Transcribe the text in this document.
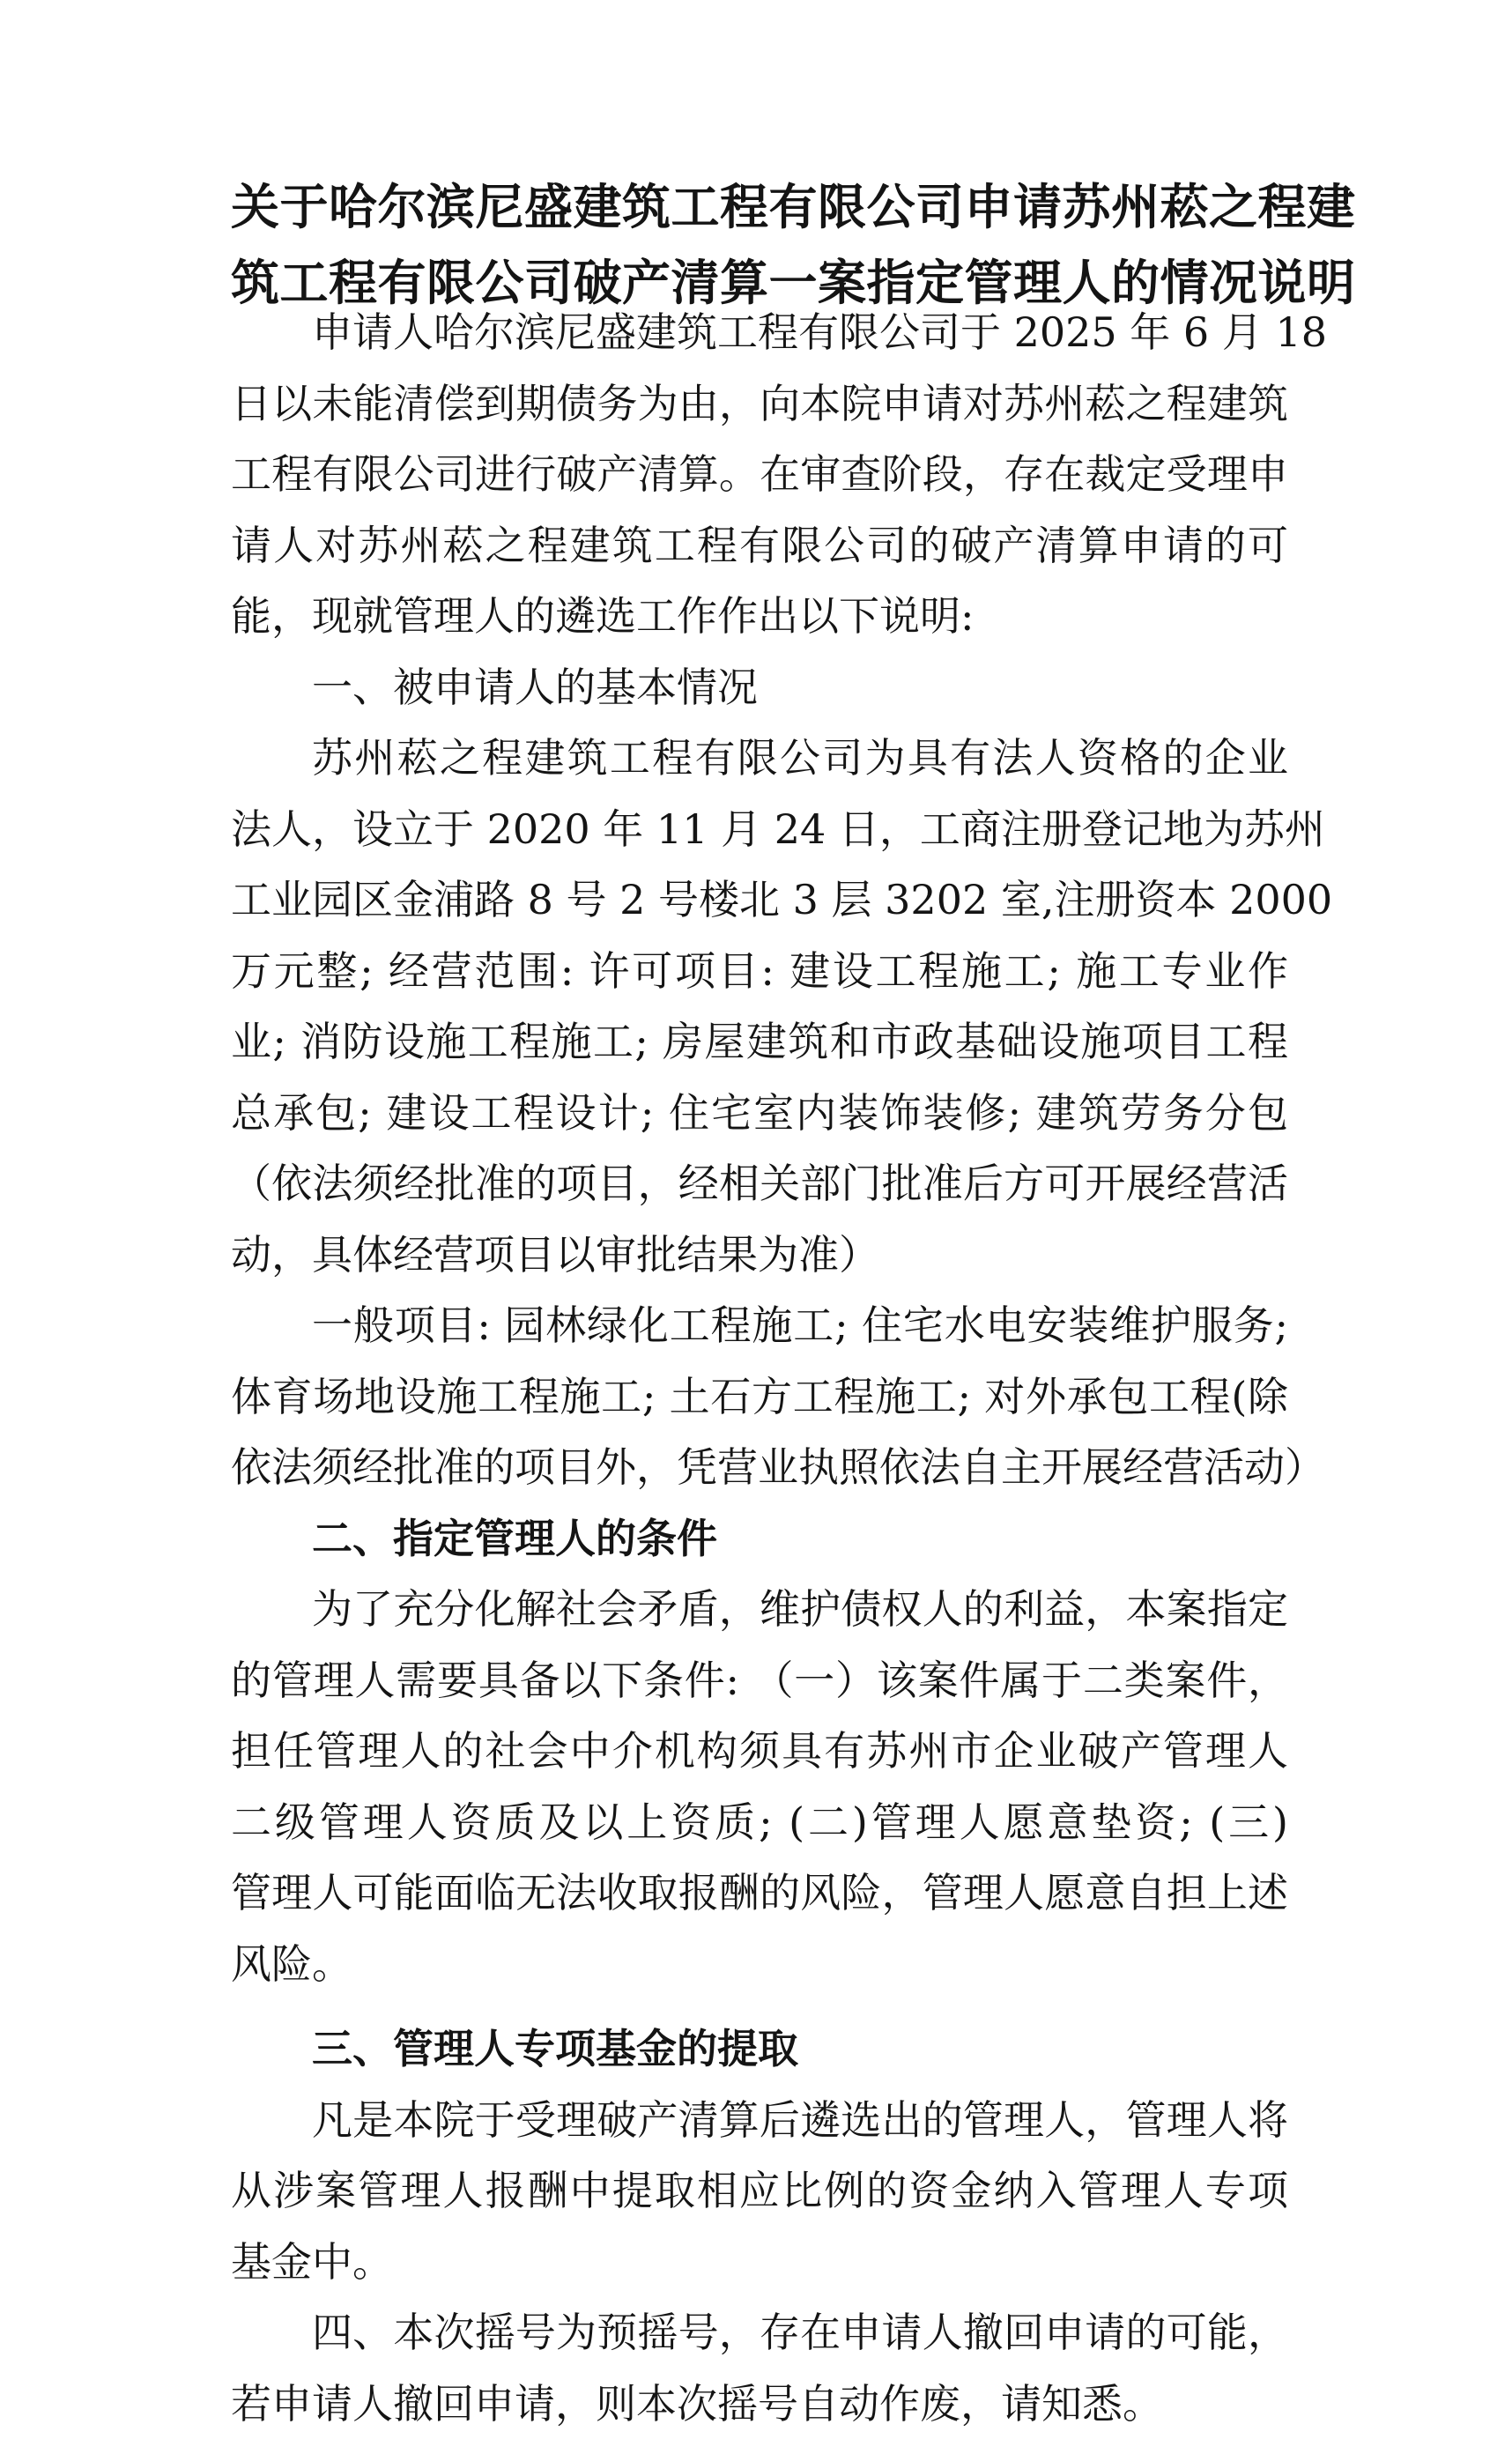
关于哈尔滨尼盛建筑工程有限公司申请苏州菘之程建
筑工程有限公司破产清算一案指定管理人的情况说明
申请人哈尔滨尼盛建筑工程有限公司于 2025 年 6 月 18
日以未能清偿到期债务为由，向本院申请对苏州菘之程建筑
工程有限公司进行破产清算。在审查阶段，存在裁定受理申
请人对苏州菘之程建筑工程有限公司的破产清算申请的可
能，现就管理人的遴选工作作出以下说明:
一、被申请人的基本情况
苏州菘之程建筑工程有限公司为具有法人资格的企业
法人，设立于 2020 年 11 月 24 日，工商注册登记地为苏州
工业园区金浦路 8 号 2 号楼北 3 层 3202 室,注册资本 2000
万元整; 经营范围: 许可项目: 建设工程施工; 施工专业作
业; 消防设施工程施工; 房屋建筑和市政基础设施项目工程
总承包; 建设工程设计; 住宅室内装饰装修; 建筑劳务分包
（依法须经批准的项目，经相关部门批准后方可开展经营活
动，具体经营项目以审批结果为准）
一般项目: 园林绿化工程施工; 住宅水电安装维护服务;
体育场地设施工程施工; 土石方工程施工; 对外承包工程(除
依法须经批准的项目外，凭营业执照依法自主开展经营活动）
二、指定管理人的条件
为了充分化解社会矛盾，维护债权人的利益，本案指定
的管理人需要具备以下条件: （一）该案件属于二类案件，
担任管理人的社会中介机构须具有苏州市企业破产管理人
二级管理人资质及以上资质; (二)管理人愿意垫资; (三)
管理人可能面临无法收取报酬的风险，管理人愿意自担上述
风险。
三、管理人专项基金的提取
凡是本院于受理破产清算后遴选出的管理人，管理人将
从涉案管理人报酬中提取相应比例的资金纳入管理人专项
基金中。
四、本次摇号为预摇号，存在申请人撤回申请的可能，
若申请人撤回申请，则本次摇号自动作废，请知悉。
